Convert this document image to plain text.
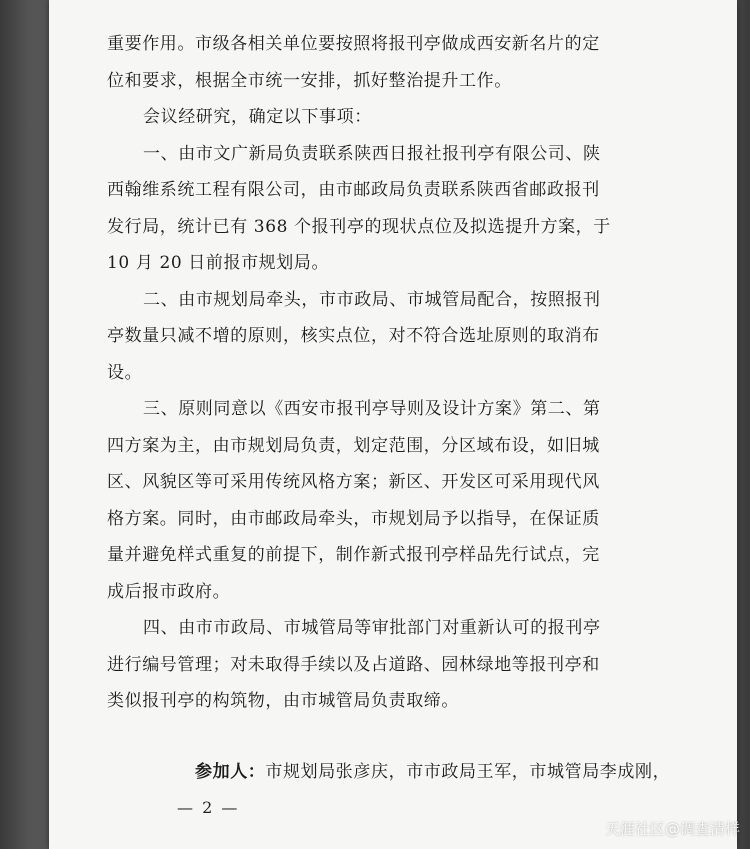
重要作用。市级各相关单位要按照将报刊亭做成西安新名片的定
位和要求，根据全市统一安排，抓好整治提升工作。
会议经研究，确定以下事项：
一、由市文广新局负责联系陕西日报社报刊亭有限公司、陕
西翰维系统工程有限公司，由市邮政局负责联系陕西省邮政报刊
发行局，统计已有 368 个报刊亭的现状点位及拟选提升方案，于
10 月 20 日前报市规划局。
二、由市规划局牵头，市市政局、市城管局配合，按照报刊
亭数量只减不增的原则，核实点位，对不符合选址原则的取消布
设。
三、原则同意以《西安市报刊亭导则及设计方案》第二、第
四方案为主，由市规划局负责，划定范围，分区域布设，如旧城
区、风貌区等可采用传统风格方案；新区、开发区可采用现代风
格方案。同时，由市邮政局牵头，市规划局予以指导，在保证质
量并避免样式重复的前提下，制作新式报刊亭样品先行试点，完
成后报市政府。
四、由市市政局、市城管局等审批部门对重新认可的报刊亭
进行编号管理；对未取得手续以及占道路、园林绿地等报刊亭和
类似报刊亭的构筑物，由市城管局负责取缔。
参加人：市规划局张彦庆，市市政局王军，市城管局李成刚，
— 2 —
天涯社区@调查清样
